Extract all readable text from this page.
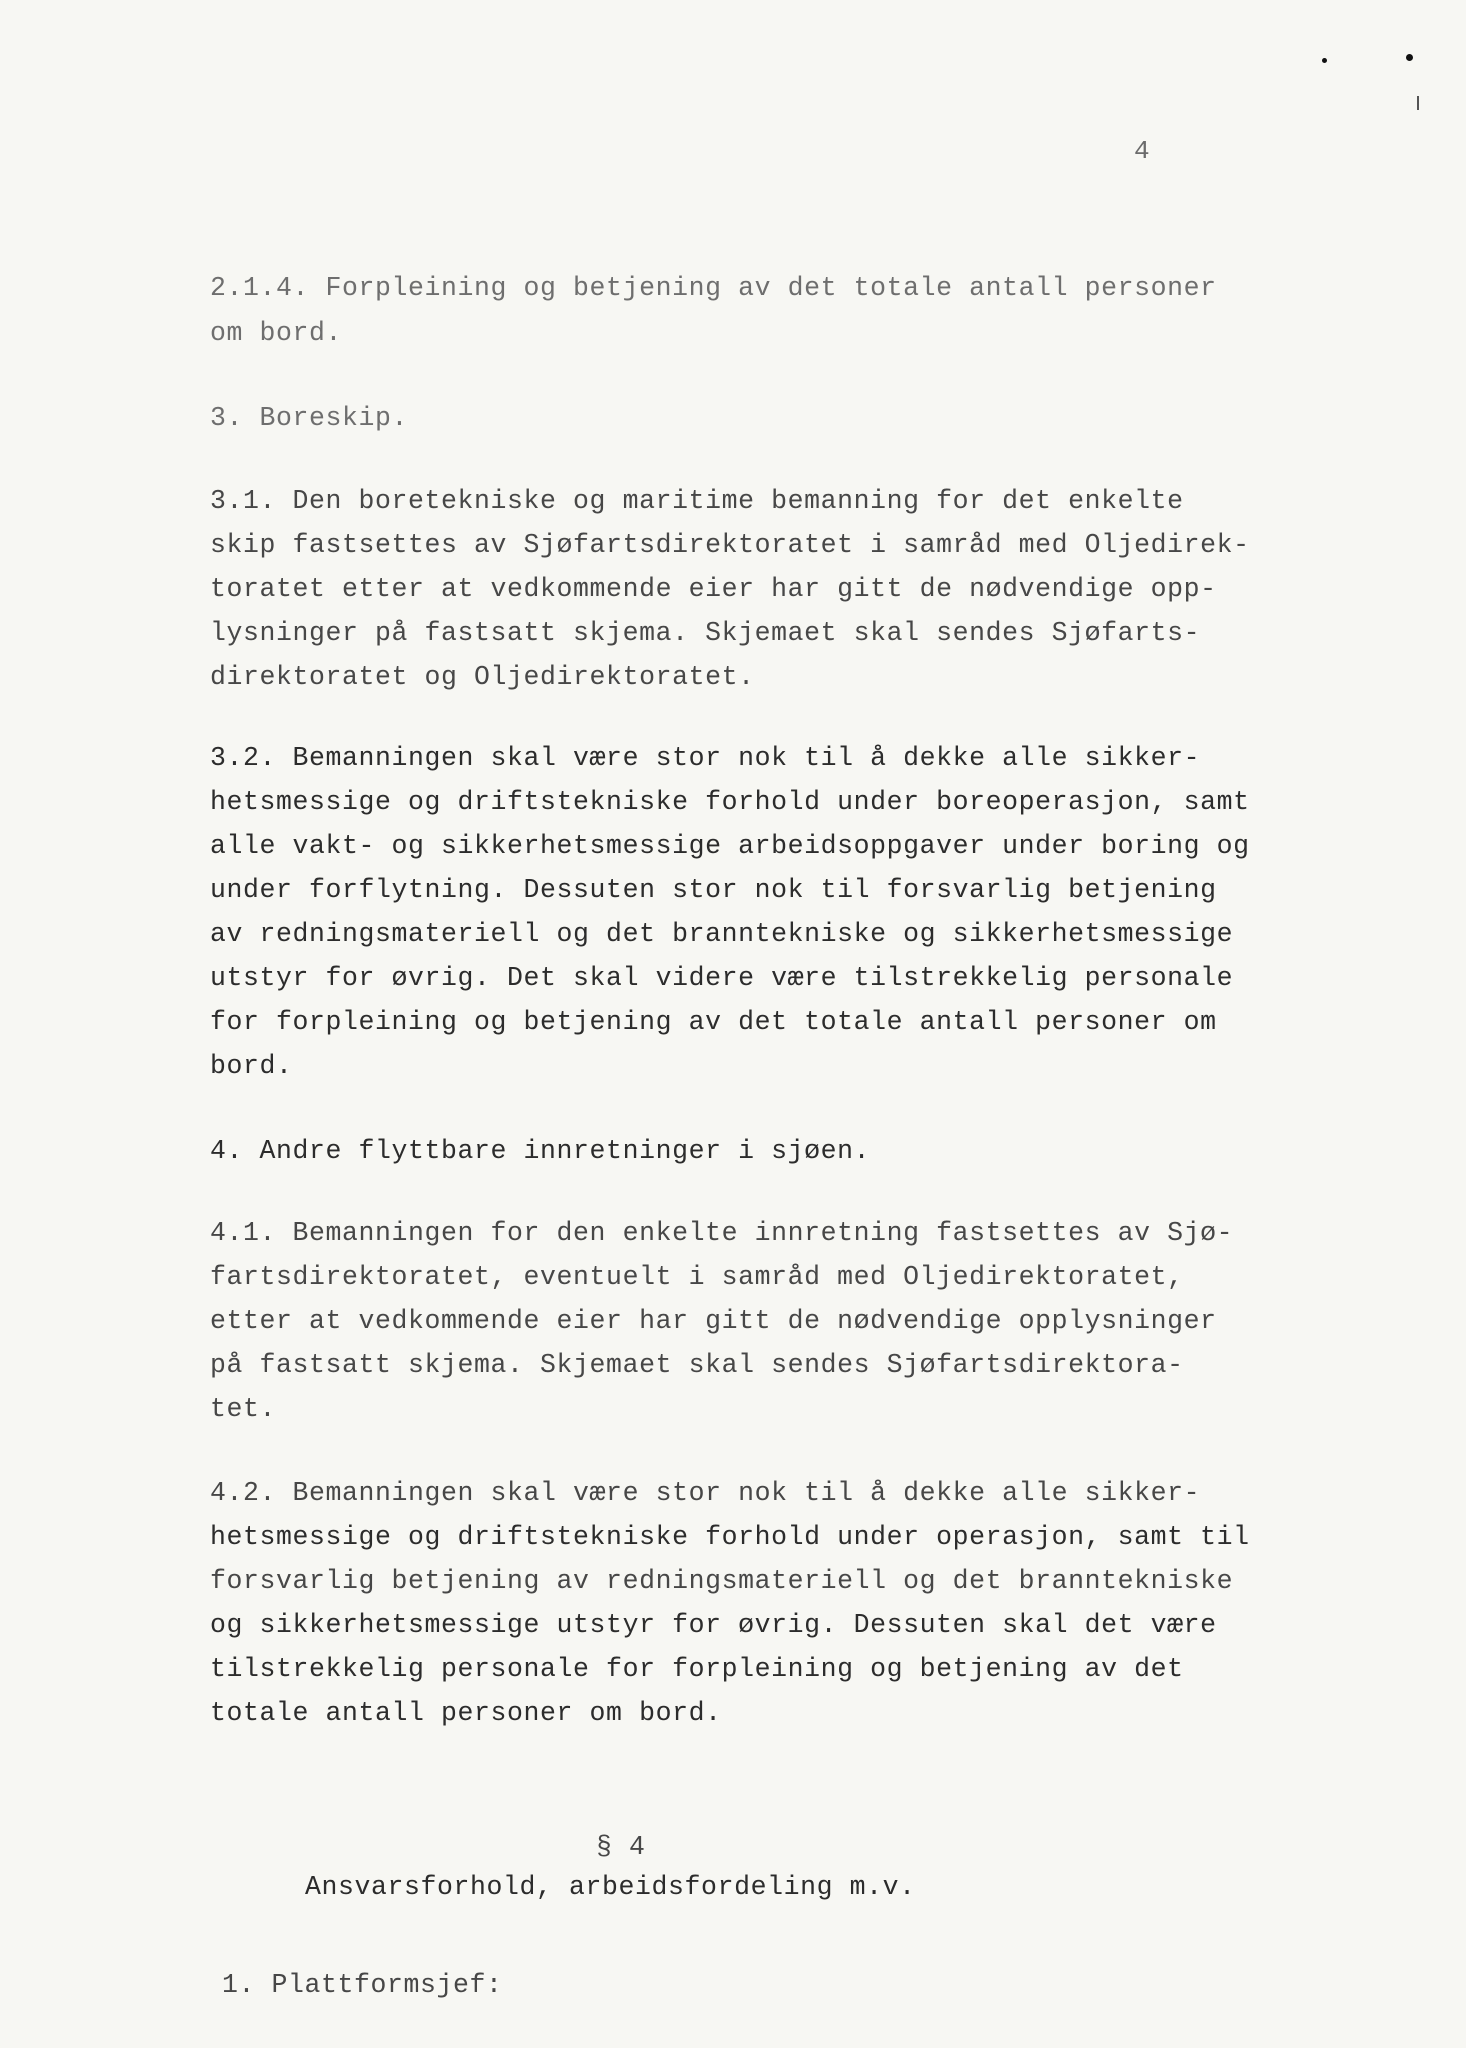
4

2.1.4. Forpleining og betjening av det totale antall personer

om bord.

3. Boreskip.

3.1. Den boretekniske og maritime bemanning for det enkelte

skip fastsettes av Sjøfartsdirektoratet i samråd med Oljedirek-

toratet etter at vedkommende eier har gitt de nødvendige opp-

lysninger på fastsatt skjema. Skjemaet skal sendes Sjøfarts-

direktoratet og Oljedirektoratet.

3.2. Bemanningen skal være stor nok til å dekke alle sikker-

hetsmessige og driftstekniske forhold under boreoperasjon, samt

alle vakt- og sikkerhetsmessige arbeidsoppgaver under boring og

under forflytning. Dessuten stor nok til forsvarlig betjening

av redningsmateriell og det branntekniske og sikkerhetsmessige

utstyr for øvrig. Det skal videre være tilstrekkelig personale

for forpleining og betjening av det totale antall personer om

bord.

4. Andre flyttbare innretninger i sjøen.

4.1. Bemanningen for den enkelte innretning fastsettes av Sjø-

fartsdirektoratet, eventuelt i samråd med Oljedirektoratet,

etter at vedkommende eier har gitt de nødvendige opplysninger

på fastsatt skjema. Skjemaet skal sendes Sjøfartsdirektora-

tet.

4.2. Bemanningen skal være stor nok til å dekke alle sikker-

hetsmessige og driftstekniske forhold under operasjon, samt til

forsvarlig betjening av redningsmateriell og det branntekniske

og sikkerhetsmessige utstyr for øvrig. Dessuten skal det være

tilstrekkelig personale for forpleining og betjening av det

totale antall personer om bord.

§ 4

Ansvarsforhold, arbeidsfordeling m.v.

1. Plattformsjef:
